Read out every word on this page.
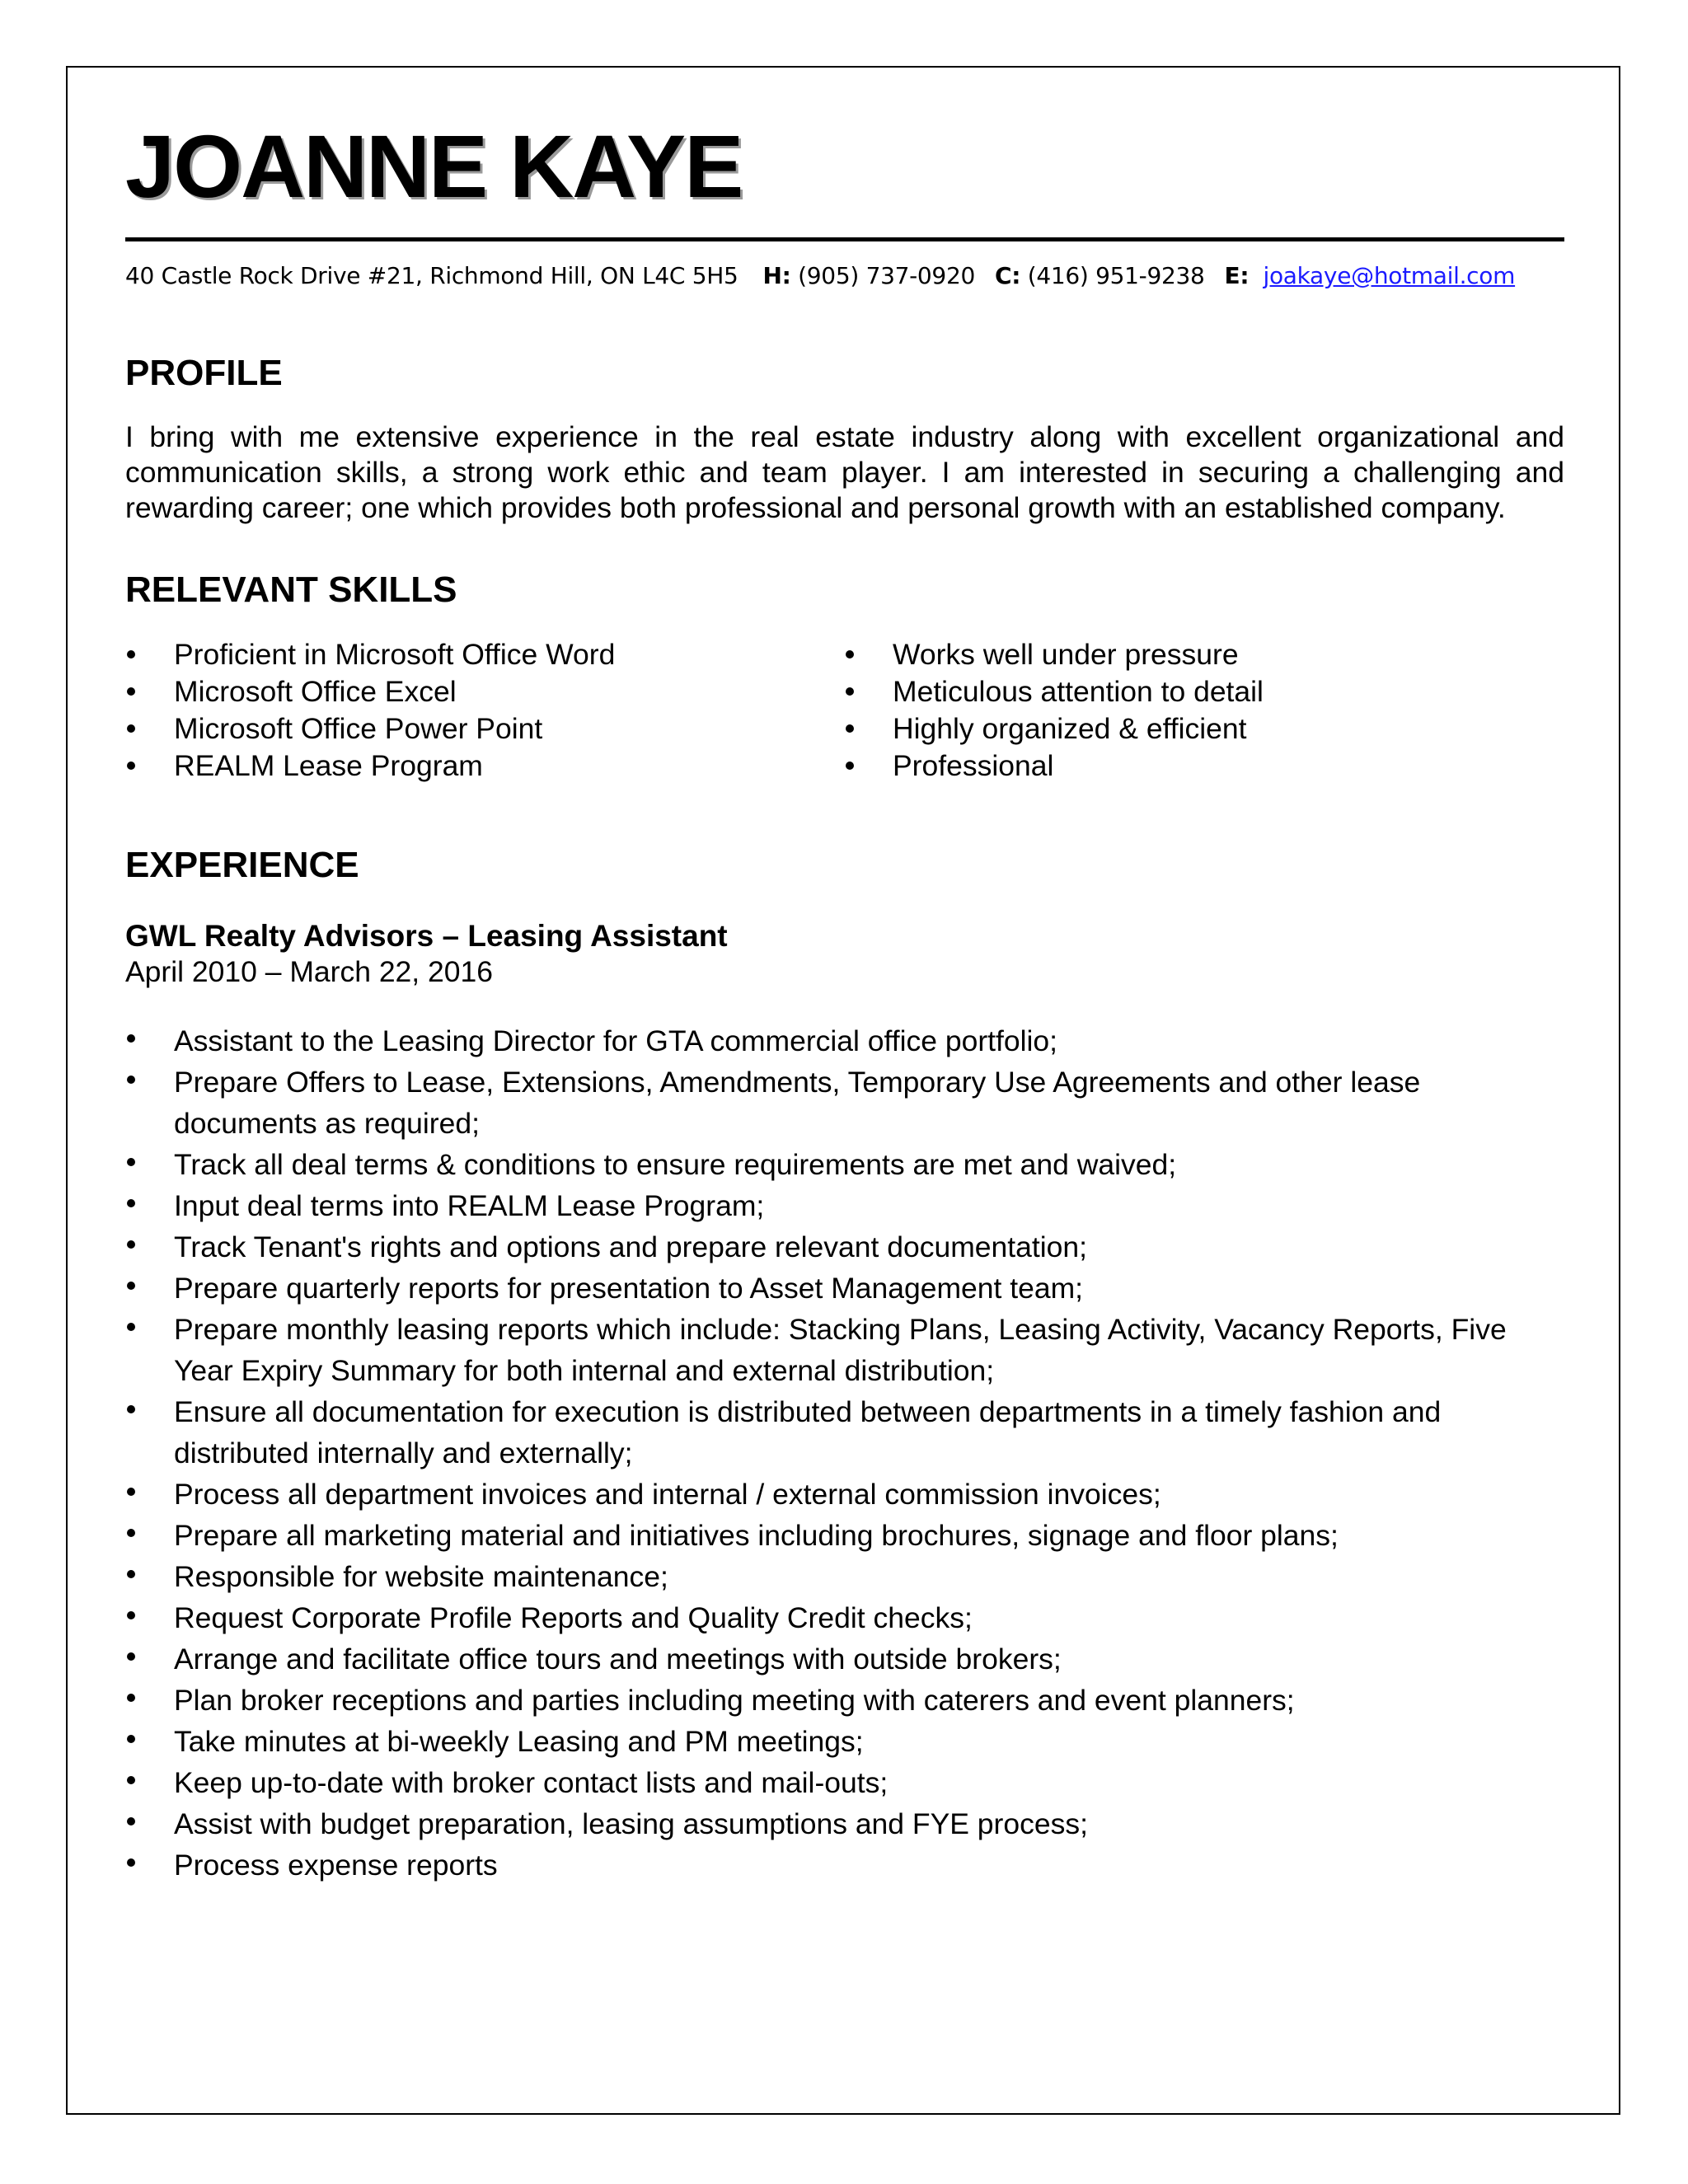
JOANNE KAYE
40 Castle Rock Drive #21, Richmond Hill, ON L4C 5H5 H: (905) 737-0920 C: (416) 951-9238 E: joakaye@hotmail.com
PROFILE

I bring with me extensive experience in the real estate industry along with excellent organizational and communication skills, a strong work ethic and team player. I am interested in securing a challenging and rewarding career; one which provides both professional and personal growth with an established company.

RELEVANT SKILLS
Proficient in Microsoft Office Word
Microsoft Office Excel
Microsoft Office Power Point
REALM Lease Program
Works well under pressure
Meticulous attention to detail
Highly organized & efficient
Professional
EXPERIENCE
GWL Realty Advisors – Leasing Assistant
April 2010 – March 22, 2016
Assistant to the Leasing Director for GTA commercial office portfolio;
Prepare Offers to Lease, Extensions, Amendments, Temporary Use Agreements and other lease documents as required;
Track all deal terms & conditions to ensure requirements are met and waived;
Input deal terms into REALM Lease Program;
Track Tenant's rights and options and prepare relevant documentation;
Prepare quarterly reports for presentation to Asset Management team;
Prepare monthly leasing reports which include: Stacking Plans, Leasing Activity, Vacancy Reports, Five Year Expiry Summary for both internal and external distribution;
Ensure all documentation for execution is distributed between departments in a timely fashion and distributed internally and externally;
Process all department invoices and internal / external commission invoices;
Prepare all marketing material and initiatives including brochures, signage and floor plans;
Responsible for website maintenance;
Request Corporate Profile Reports and Quality Credit checks;
Arrange and facilitate office tours and meetings with outside brokers;
Plan broker receptions and parties including meeting with caterers and event planners;
Take minutes at bi-weekly Leasing and PM meetings;
Keep up-to-date with broker contact lists and mail-outs;
Assist with budget preparation, leasing assumptions and FYE process;
Process expense reports
